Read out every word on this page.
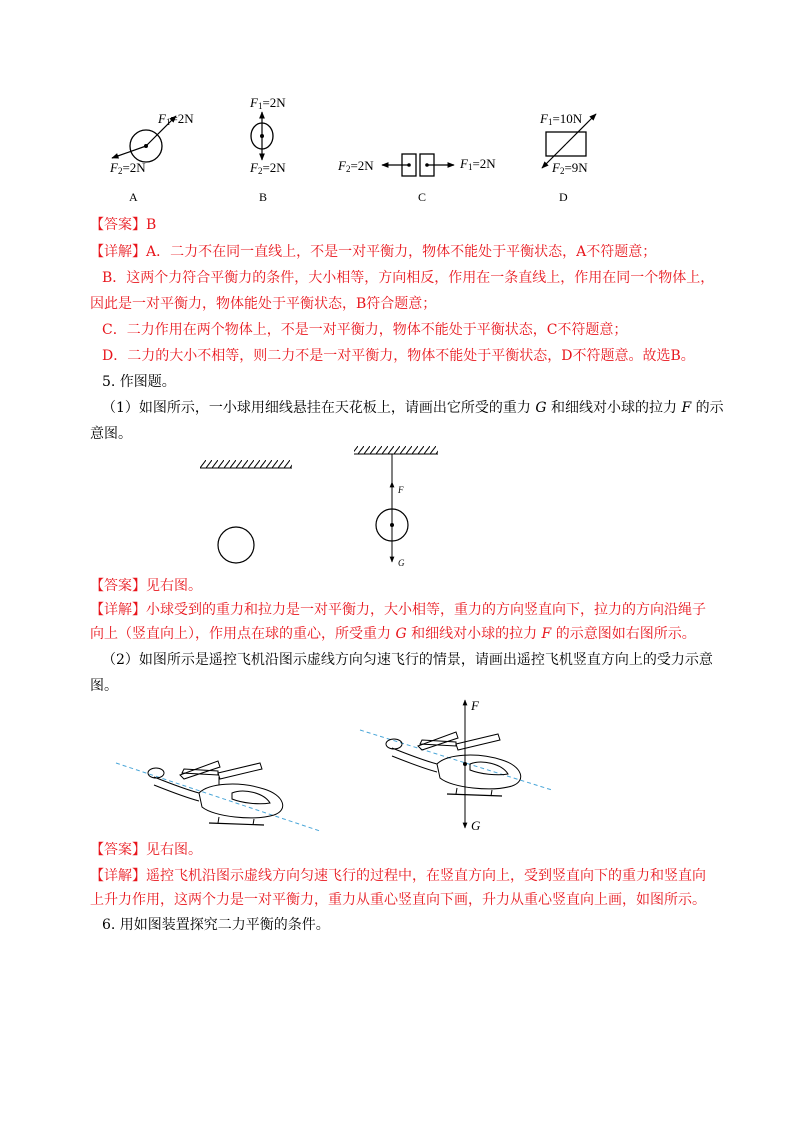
$F_1=2N$
$F_2=2N$
A
$F_1=2N$
$F_2=2N$
B
$F_2=2N$	$F_1=2N$
C
$F_1=10N$
$F_2=9N$
D
【答案】B
【详解】A．二力不在同一直线上，不是一对平衡力，物体不能处于平衡状态，A不符题意；
B．这两个力符合平衡力的条件，大小相等，方向相反，作用在一条直线上，作用在同一个物体上，
因此是一对平衡力，物体能处于平衡状态，B符合题意；
C．二力作用在两个物体上，不是一对平衡力，物体不能处于平衡状态，C不符题意；
D．二力的大小不相等，则二力不是一对平衡力，物体不能处于平衡状态，D不符题意。故选B。
5. 作图题。
（1）如图所示，一小球用细线悬挂在天花板上，请画出它所受的重力 G 和细线对小球的拉力 F 的示
意图。
F
G
【答案】见右图。
【详解】小球受到的重力和拉力是一对平衡力，大小相等，重力的方向竖直向下，拉力的方向沿绳子
向上（竖直向上），作用点在球的重心，所受重力 G 和细线对小球的拉力 F 的示意图如右图所示。
（2）如图所示是遥控飞机沿图示虚线方向匀速飞行的情景，请画出遥控飞机竖直方向上的受力示意
图。
F
G
【答案】见右图。
【详解】遥控飞机沿图示虚线方向匀速飞行的过程中，在竖直方向上，受到竖直向下的重力和竖直向
上升力作用，这两个力是一对平衡力，重力从重心竖直向下画，升力从重心竖直向上画，如图所示。
6. 用如图装置探究二力平衡的条件。
